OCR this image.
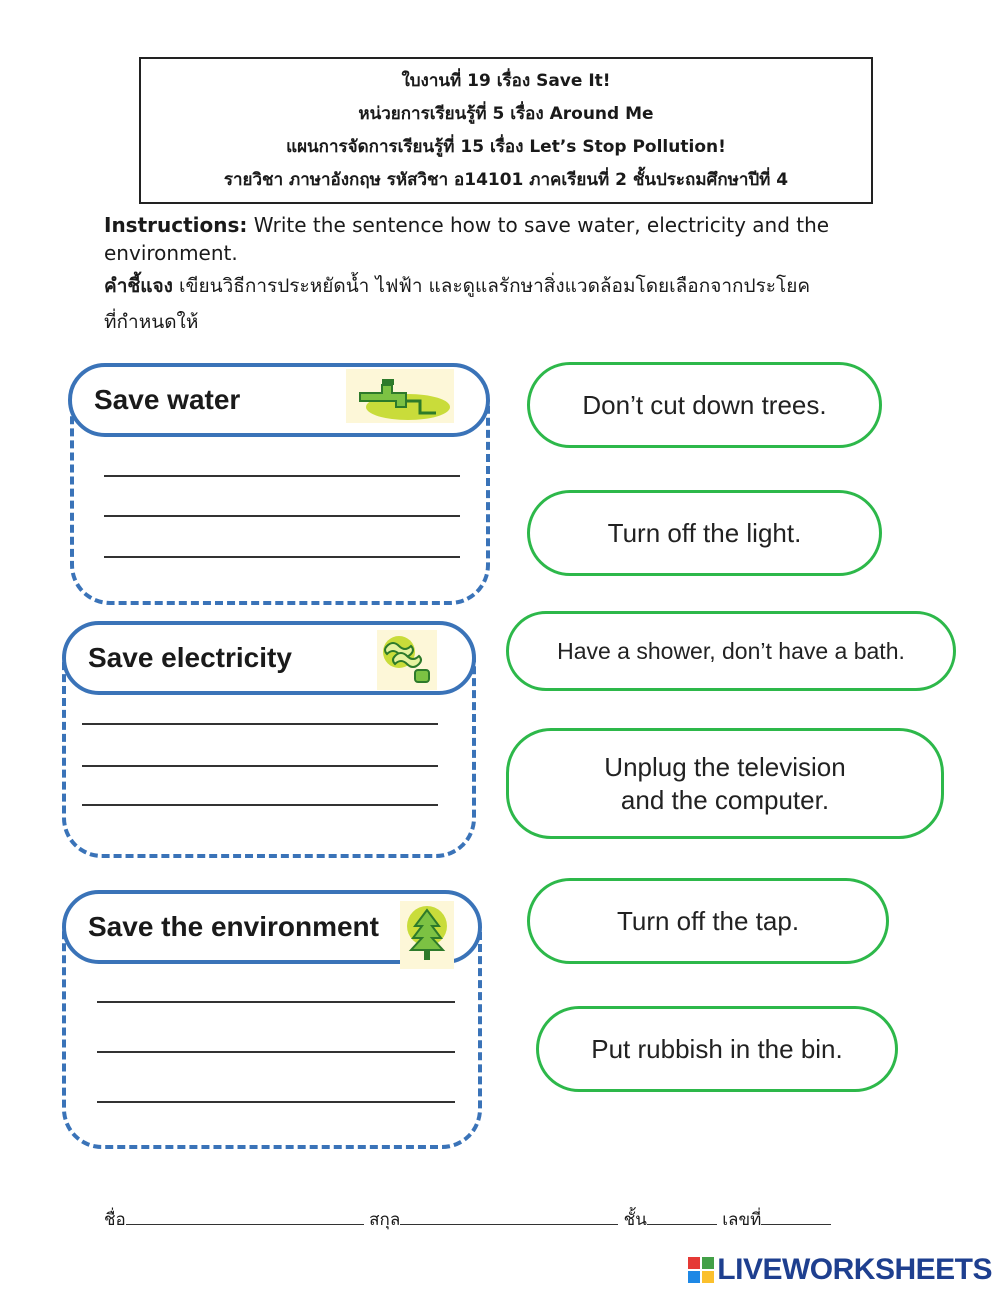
ใบงานที่ 19 เรื่อง Save It!
หน่วยการเรียนรู้ที่ 5 เรื่อง Around Me
แผนการจัดการเรียนรู้ที่ 15 เรื่อง Let’s Stop Pollution!
รายวิชา ภาษาอังกฤษ รหัสวิชา อ14101 ภาคเรียนที่ 2 ชั้นประถมศึกษาปีที่ 4
Instructions: Write the sentence how to save water, electricity and the
environment.
คำชี้แจง เขียนวิธีการประหยัดน้ำ ไฟฟ้า และดูแลรักษาสิ่งแวดล้อมโดยเลือกจากประโยค
ที่กำหนดให้
Save water
Save electricity
Save the environment
Don’t cut down trees.
Turn off the light.
Have a shower, don’t have a bath.
Unplug the television
and the computer.
Turn off the tap.
Put rubbish in the bin.
ชื่อ	สกุล	ชั้น	เลขที่
LIVEWORKSHEETS
